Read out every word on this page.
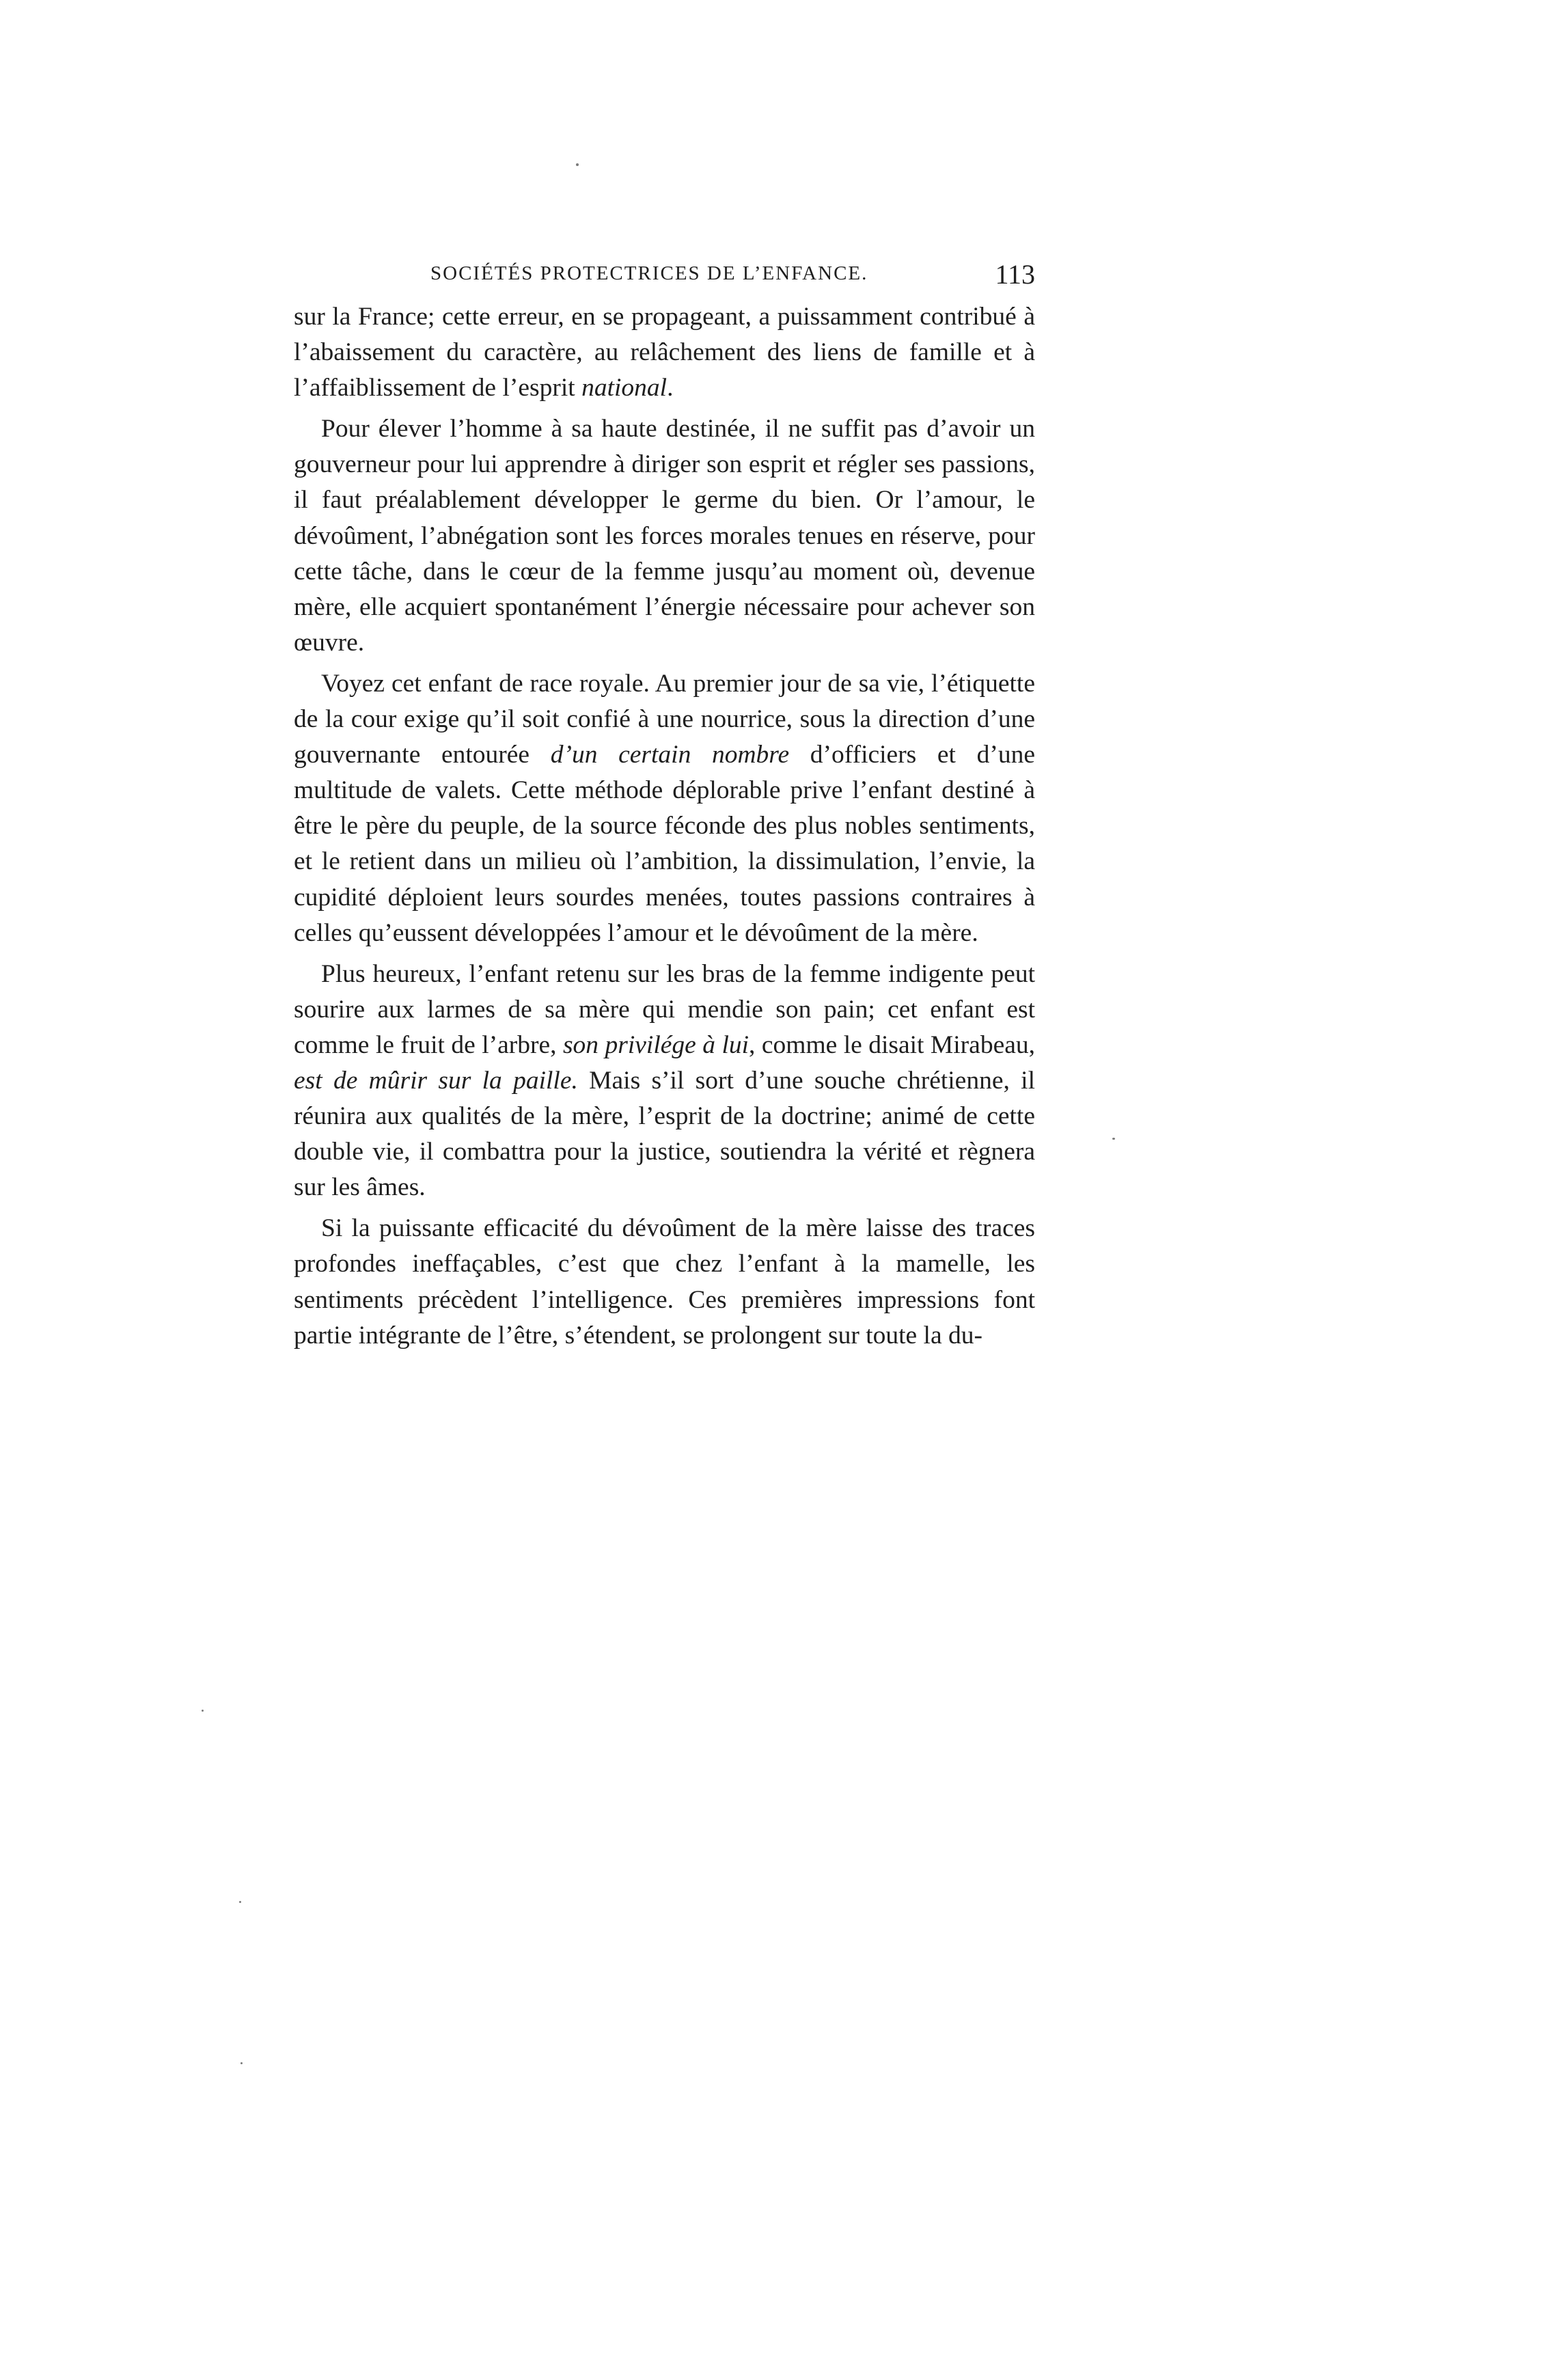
SOCIÉTÉS PROTECTRICES DE L’ENFANCE.	113

sur la France; cette erreur, en se propageant, a puissamment contribué à l’abaissement du caractère, au relâchement des liens de famille et à l’affaiblissement de l’esprit national.

Pour élever l’homme à sa haute destinée, il ne suffit pas d’avoir un gouverneur pour lui apprendre à diriger son esprit et régler ses passions, il faut préalablement développer le germe du bien. Or l’amour, le dévoûment, l’abnégation sont les forces morales tenues en réserve, pour cette tâche, dans le cœur de la femme jusqu’au moment où, devenue mère, elle acquiert spontanément l’énergie nécessaire pour achever son œuvre.

Voyez cet enfant de race royale. Au premier jour de sa vie, l’étiquette de la cour exige qu’il soit confié à une nourrice, sous la direction d’une gouvernante entourée d’un certain nombre d’officiers et d’une multitude de valets. Cette méthode déplorable prive l’enfant destiné à être le père du peuple, de la source féconde des plus nobles sentiments, et le retient dans un milieu où l’ambition, la dissimulation, l’envie, la cupidité déploient leurs sourdes menées, toutes passions contraires à celles qu’eussent développées l’amour et le dévoûment de la mère.

Plus heureux, l’enfant retenu sur les bras de la femme indigente peut sourire aux larmes de sa mère qui mendie son pain; cet enfant est comme le fruit de l’arbre, son privilége à lui, comme le disait Mirabeau, est de mûrir sur la paille. Mais s’il sort d’une souche chrétienne, il réunira aux qualités de la mère, l’esprit de la doctrine; animé de cette double vie, il combattra pour la justice, soutiendra la vérité et règnera sur les âmes.

Si la puissante efficacité du dévoûment de la mère laisse des traces profondes ineffaçables, c’est que chez l’enfant à la mamelle, les sentiments précèdent l’intelligence. Ces premières impressions font partie intégrante de l’être, s’étendent, se prolongent sur toute la du-
